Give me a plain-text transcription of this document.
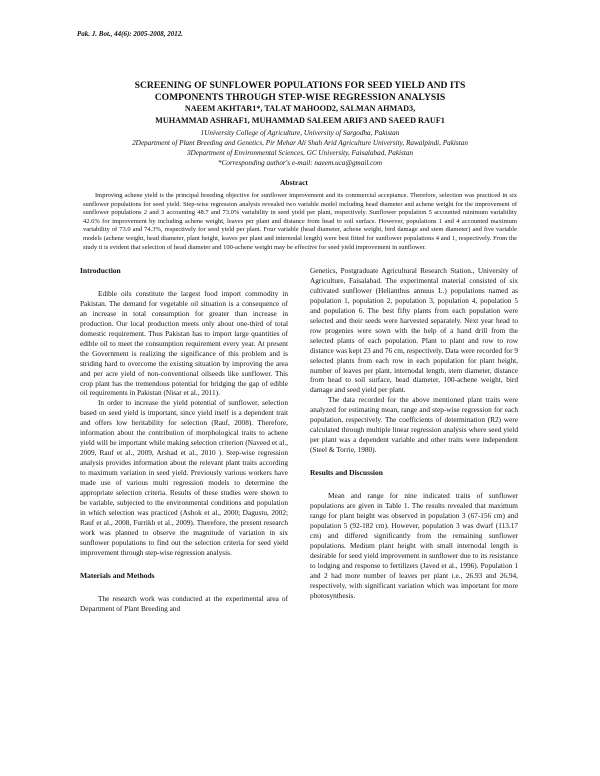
Pak. J. Bot., 44(6): 2005-2008, 2012.
SCREENING OF SUNFLOWER POPULATIONS FOR SEED YIELD AND ITS
COMPONENTS THROUGH STEP-WISE REGRESSION ANALYSIS
NAEEM AKHTAR1*, TALAT MAHOOD2, SALMAN AHMAD3,
MUHAMMAD ASHRAF1, MUHAMMAD SALEEM ARIF3 AND SAEED RAUF1
1University College of Agriculture, University of Sargodha, Pakistan
2Department of Plant Breeding and Genetics, Pir Mehar Ali Shah Arid Agriculture University, Rawalpindi, Pakistan
3Department of Environmental Sciences, GC University, Faisalabad, Pakistan
*Corresponding author's e-mail: naeem.uca@gmail.com
Abstract
Improving achene yield is the principal breeding objective for sunflower improvement and its commercial acceptance. Therefore, selection was practiced in six sunflower populations for seed yield. Step-wise regression analysis revealed two variable model including head diameter and achene weight for the improvement of sunflower populations 2 and 3 accounting 48.7 and 73.0% variability in seed yield per plant, respectively. Sunflower population 5 accounted minimum variability 42.6% for improvement by including achene weight, leaves per plant and distance from head to soil surface. However, populations 1 and 4 accounted maximum variability of 73.0 and 74.3%, respectively for seed yield per plant. Four variable (head diameter, achene weight, bird damage and stem diameter) and five variable models (achene weight, head diameter, plant height, leaves per plant and internodal length) were best fitted for sunflower populations 4 and 1, respectively. From the study it is evident that selection of head diameter and 100-achene weight may be effective for seed yield improvement in sunflower.
Introduction

Edible oils constitute the largest food import commodity in Pakistan. The demand for vegetable oil situation is a consequence of an increase in total consumption for greater than increase in production. Our local production meets only about one-third of total domestic requirement. Thus Pakistan has to import large quantities of edible oil to meet the consumption requirement every year. At present the Government is realizing the significance of this problem and is striding hard to overcome the existing situation by improving the area and per acre yield of non-conventional oilseeds like sunflower. This crop plant has the tremendous potential for bridging the gap of edible oil requirements in Pakistan (Nisar et al., 2011).

In order to increase the yield potential of sunflower, selection based on seed yield is important, since yield itself is a dependent trait and offers low heritability for selection (Rauf, 2008). Therefore, information about the contribution of morphological traits to achene yield will be important while making selection criterion (Naveed et al., 2009, Rauf et al., 2009, Arshad et al., 2010 ). Step-wise regression analysis provides information about the relevant plant traits according to maximum variation in seed yield. Previously various workers have made use of various multi regression models to determine the appropriate selection criteria. Results of these studies were shown to be variable, subjected to the environmental conditions and population in which selection was practiced (Ashok et al., 2000; Dagustu, 2002; Rauf et al., 2008, Furrikh et al., 2009). Therefore, the present research work was planned to observe the magnitude of variation in six sunflower populations to find out the selection criteria for seed yield improvement through step-wise regression analysis.

Materials and Methods

The research work was conducted at the experimental area of Department of Plant Breeding and

Genetics, Postgraduate Agricultural Research Station., University of Agriculture, Faisalabad. The experimental material consisted of six cultivated sunflower (Helianthus annuus L.) populations named as population 1, population 2, population 3, population 4, population 5 and population 6. The best fifty plants from each population were selected and their seeds were harvested separately. Next year head to row progenies were sown with the help of a hand drill from the selected plants of each population. Plant to plant and row to row distance was kept 23 and 76 cm, respectively. Data were recorded for 9 selected plants from each row in each population for plant height, number of leaves per plant, internodal length, stem diameter, distance from head to soil surface, head diameter, 100-achene weight, bird damage and seed yield per plant.

The data recorded for the above mentioned plant traits were analyzed for estimating mean, range and step-wise regression for each population, respectively. The coefficients of determination (R2) were calculated through multiple linear regression analysis where seed yield per plant was a dependent variable and other traits were independent (Steel & Torrie, 1980).

Results and Discussion

Mean and range for nine indicated traits of sunflower populations are given in Table 1. The results revealed that maximum range for plant height was observed in population 3 (67-156 cm) and population 5 (92-182 cm). However, population 3 was dwarf (113.17 cm) and differed significantly from the remaining sunflower populations. Medium plant height with small internodal length is desirable for seed yield improvement in sunflower due to its resistance to lodging and response to fertilizers (Javed et al., 1996). Population 1 and 2 had more number of leaves per plant i.e., 26.93 and 26.94, respectively, with significant variation which was important for more photosynthesis.
